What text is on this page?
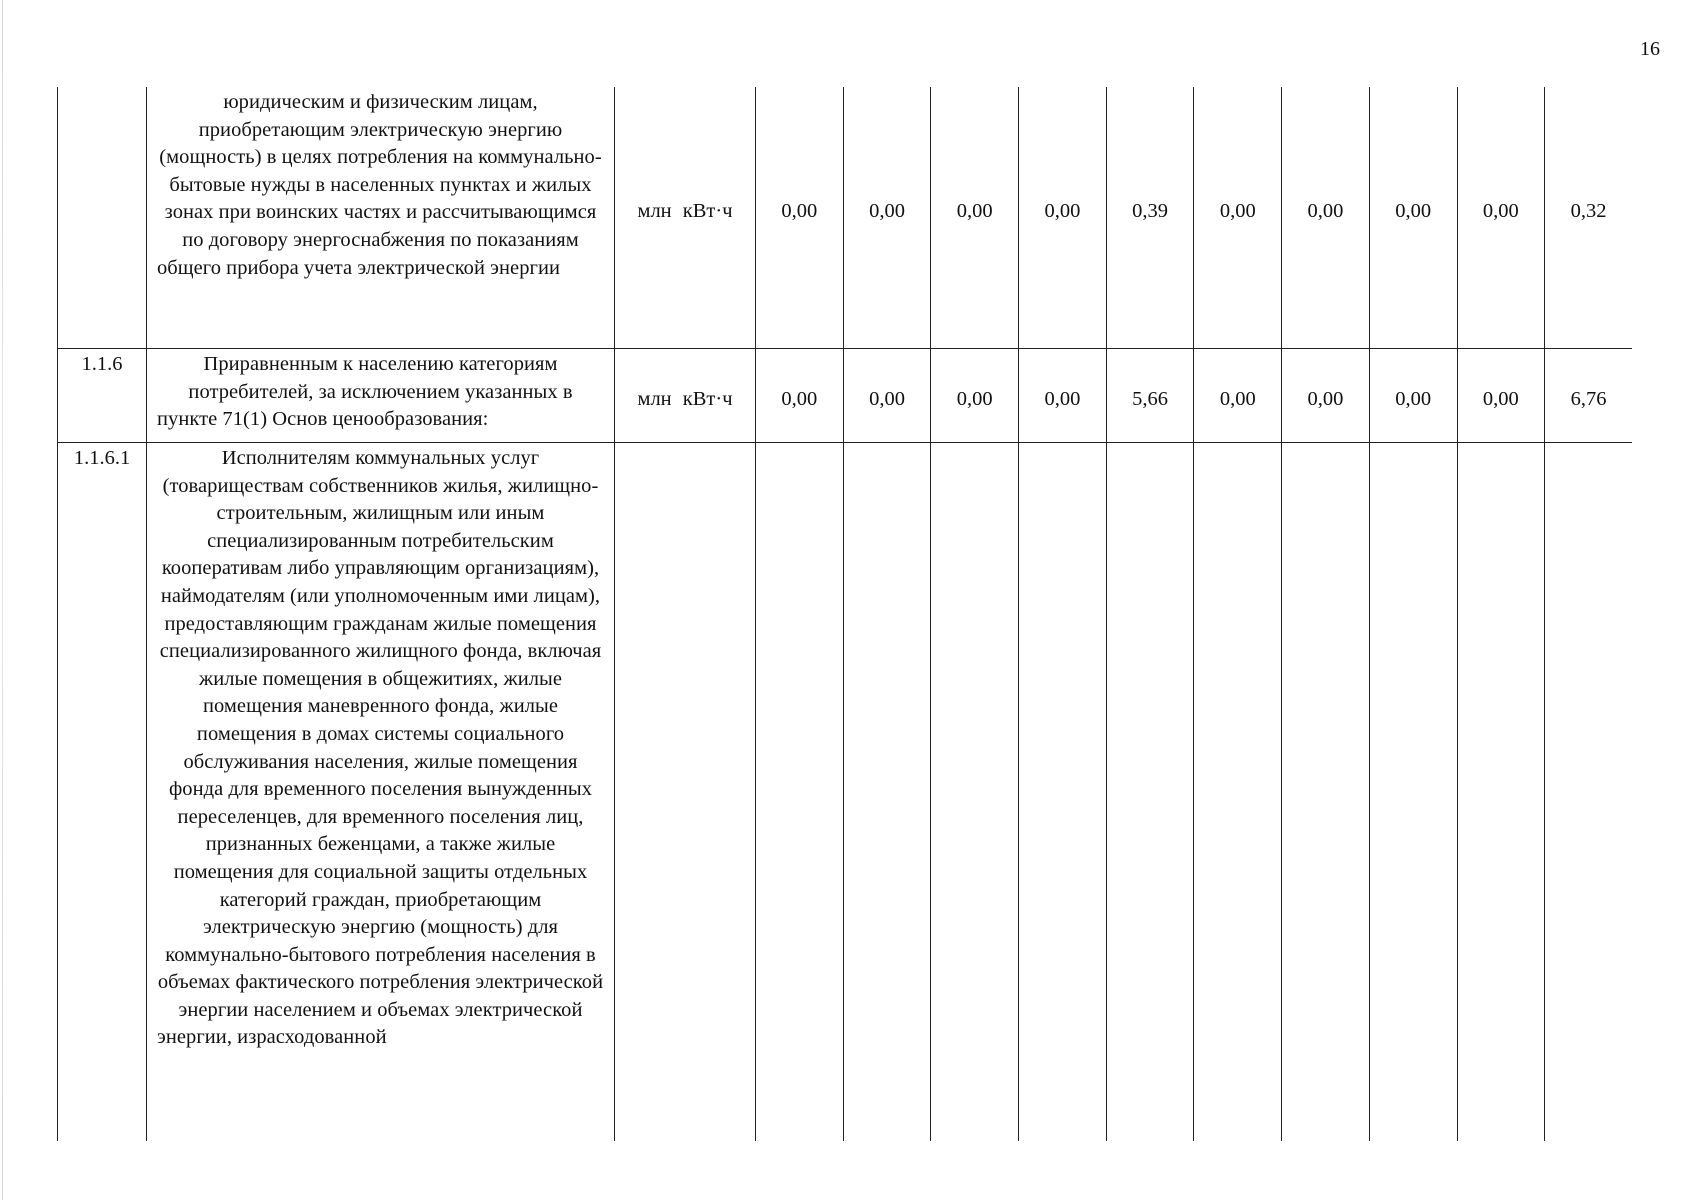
16
	юридическим и физическим лицам, приобретающим электрическую энергию (мощность) в целях потребления на коммунально-бытовые нужды в населенных пунктах и жилых зонах при воинских частях и рассчитывающимся по договору энергоснабжения по показаниям общего прибора учета электрической энергии	млн кВт·ч	0,00	0,00	0,00	0,00	0,39	0,00	0,00	0,00	0,00	0,32
1.1.6	Приравненным к населению категориям потребителей, за исключением указанных в пункте 71(1) Основ ценообразования:	млн кВт·ч	0,00	0,00	0,00	0,00	5,66	0,00	0,00	0,00	0,00	6,76
1.1.6.1	Исполнителям коммунальных услуг (товариществам собственников жилья, жилищно-строительным, жилищным или иным специализированным потребительским кооперативам либо управляющим организациям), наймодателям (или уполномоченным ими лицам), предоставляющим гражданам жилые помещения специализированного жилищного фонда, включая жилые помещения в общежитиях, жилые помещения маневренного фонда, жилые помещения в домах системы социального обслуживания населения, жилые помещения фонда для временного поселения вынужденных переселенцев, для временного поселения лиц, признанных беженцами, а также жилые помещения для социальной защиты отдельных категорий граждан, приобретающим электрическую энергию (мощность) для коммунально-бытового потребления населения в объемах фактического потребления электрической энергии населением и объемах электрической энергии, израсходованной											
